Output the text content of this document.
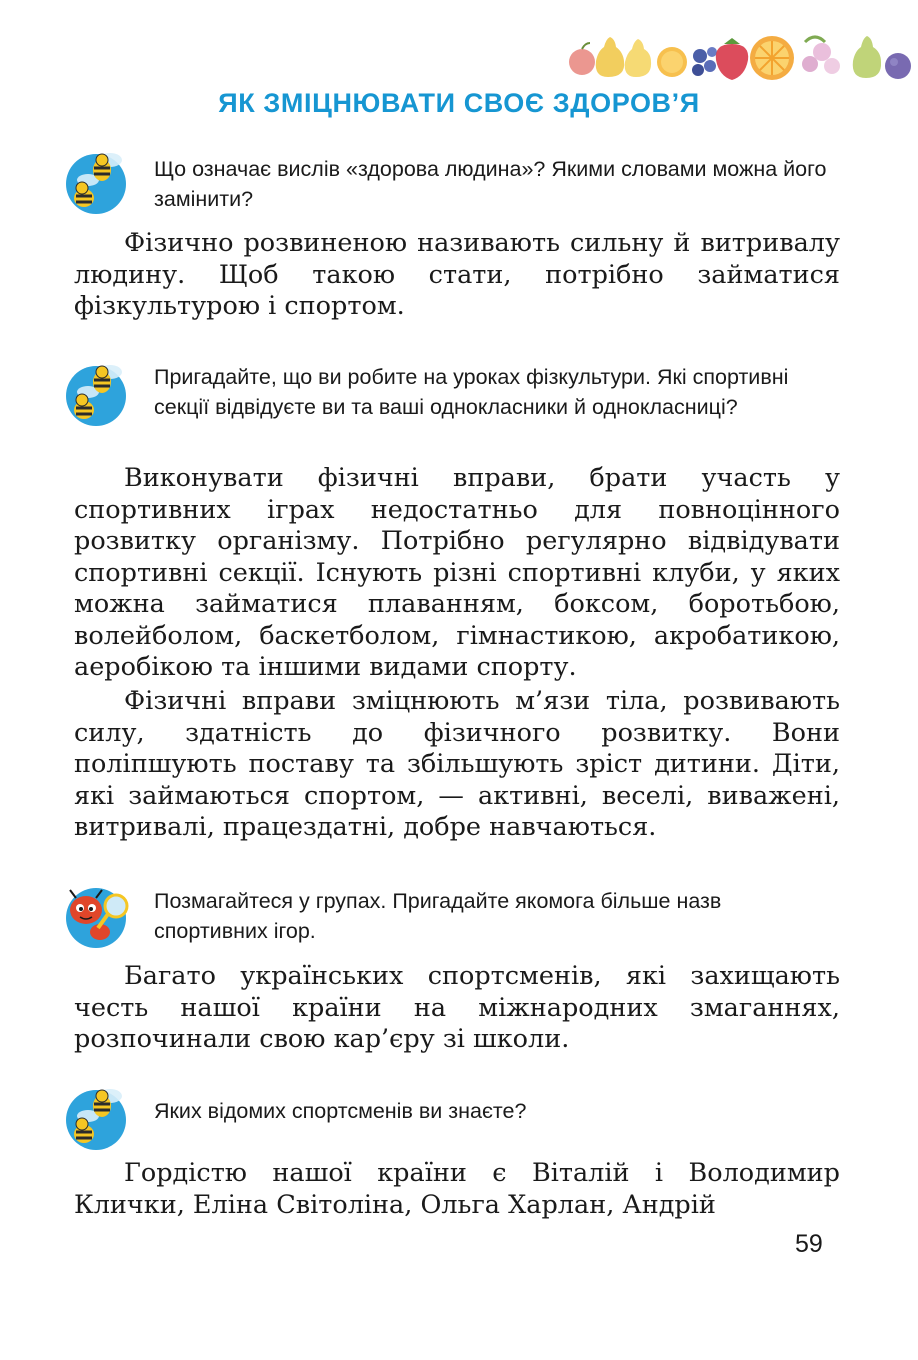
ЯК ЗМІЦНЮВАТИ СВОЄ ЗДОРОВ’Я
Що означає вислів «здорова людина»? Якими словами можна його замінити?
Фізично розвиненою називають сильну й витривалу людину. Щоб такою стати, потрібно займатися фізкультурою і спортом.
Пригадайте, що ви робите на уроках фізкультури. Які спортивні секції відвідуєте ви та ваші однокласники й однокласниці?
Виконувати фізичні вправи, брати участь у спортивних іграх недостатньо для повноцінного розвитку організму. Потрібно регулярно відвідувати спортивні секції. Існують різні спортивні клуби, у яких можна займатися плаванням, боксом, боротьбою, волейболом, баскетболом, гімнастикою, акробатикою, аеробікою та іншими видами спорту.
Фізичні вправи зміцнюють м’язи тіла, розвивають силу, здатність до фізичного розвитку. Вони поліпшують поставу та збільшують зріст дитини. Діти, які займаються спортом, — активні, веселі, виважені, витривалі, працездатні, добре навчаються.
Позмагайтеся у групах. Пригадайте якомога більше назв спортивних ігор.
Багато українських спортсменів, які захищають честь нашої країни на міжнародних змаганнях, розпочинали свою кар’єру зі школи.
Яких відомих спортсменів ви знаєте?
Гордістю нашої країни є Віталій і Володимир Клички, Еліна Світоліна, Ольга Харлан, Андрій
59
